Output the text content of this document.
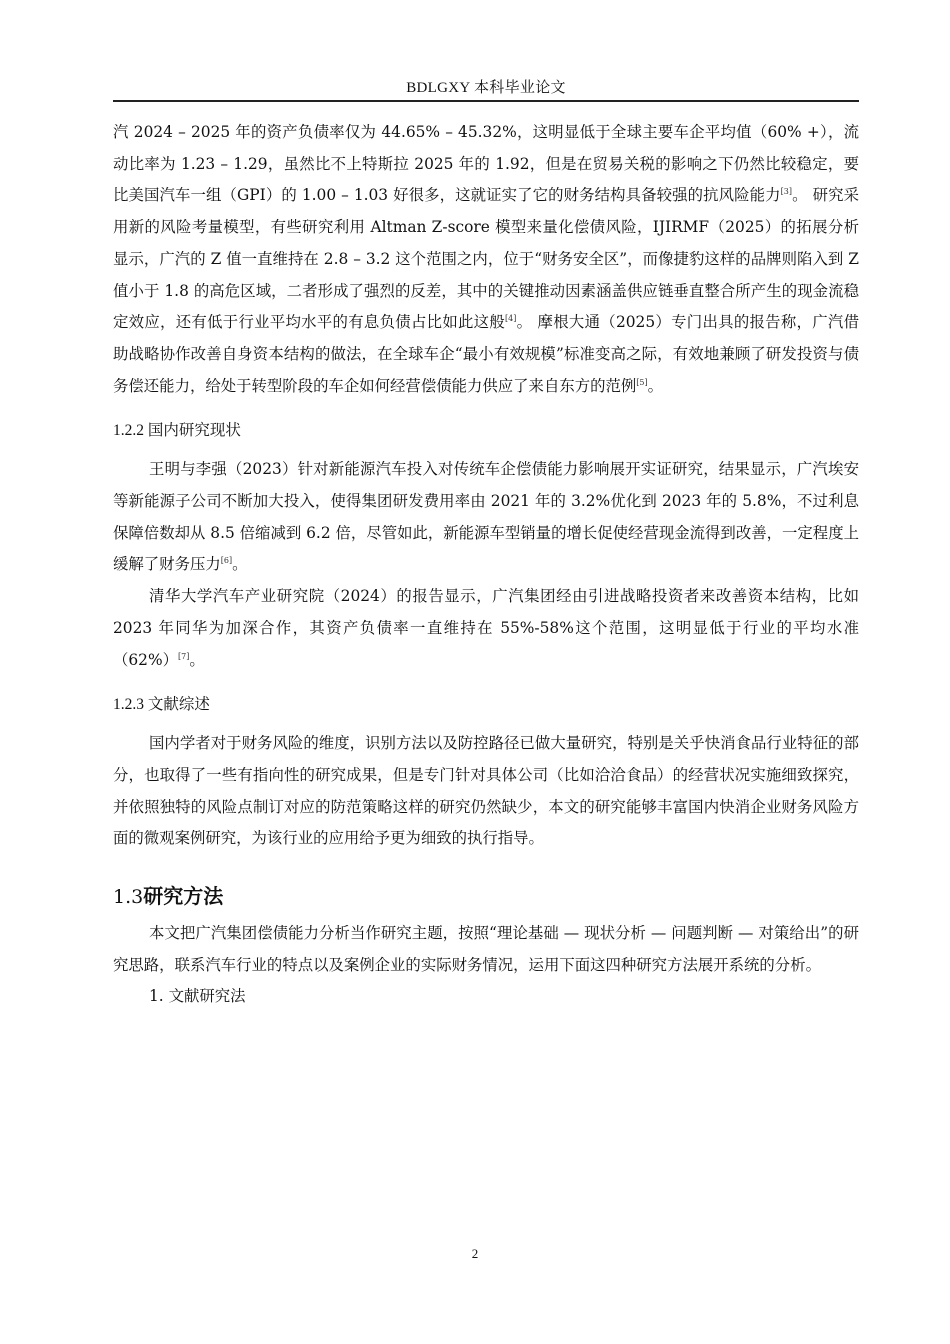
BDLGXY 本科毕业论文

汽 2024 – 2025 年的资产负债率仅为 44.65% – 45.32%，这明显低于全球主要车企平均值（60% +），流动比率为 1.23 – 1.29，虽然比不上特斯拉 2025 年的 1.92，但是在贸易关税的影响之下仍然比较稳定，要比美国汽车一组（GPI）的 1.00 – 1.03 好很多，这就证实了它的财务结构具备较强的抗风险能力[3]。 研究采用新的风险考量模型，有些研究利用 Altman Z-score 模型来量化偿债风险，IJIRMF（2025）的拓展分析显示，广汽的 Z 值一直维持在 2.8 – 3.2 这个范围之内，位于“财务安全区”，而像捷豹这样的品牌则陷入到 Z 值小于 1.8 的高危区域，二者形成了强烈的反差，其中的关键推动因素涵盖供应链垂直整合所产生的现金流稳定效应，还有低于行业平均水平的有息负债占比如此这般[4]。 摩根大通（2025）专门出具的报告称，广汽借助战略协作改善自身资本结构的做法，在全球车企“最小有效规模”标准变高之际，有效地兼顾了研发投资与债务偿还能力，给处于转型阶段的车企如何经营偿债能力供应了来自东方的范例[5]。

1.2.2 国内研究现状

王明与李强（2023）针对新能源汽车投入对传统车企偿债能力影响展开实证研究，结果显示，广汽埃安等新能源子公司不断加大投入，使得集团研发费用率由 2021 年的 3.2%优化到 2023 年的 5.8%，不过利息保障倍数却从 8.5 倍缩减到 6.2 倍，尽管如此，新能源车型销量的增长促使经营现金流得到改善，一定程度上缓解了财务压力[6]。

清华大学汽车产业研究院（2024）的报告显示，广汽集团经由引进战略投资者来改善资本结构，比如 2023 年同华为加深合作，其资产负债率一直维持在 55%-58%这个范围，这明显低于行业的平均水准（62%）[7]。

1.2.3 文献综述

国内学者对于财务风险的维度，识别方法以及防控路径已做大量研究，特别是关乎快消食品行业特征的部分，也取得了一些有指向性的研究成果，但是专门针对具体公司（比如洽洽食品）的经营状况实施细致探究，并依照独特的风险点制订对应的防范策略这样的研究仍然缺少，本文的研究能够丰富国内快消企业财务风险方面的微观案例研究，为该行业的应用给予更为细致的执行指导。

1.3研究方法

本文把广汽集团偿债能力分析当作研究主题，按照“理论基础 — 现状分析 — 问题判断 — 对策给出”的研究思路，联系汽车行业的特点以及案例企业的实际财务情况，运用下面这四种研究方法展开系统的分析。

1. 文献研究法

2
